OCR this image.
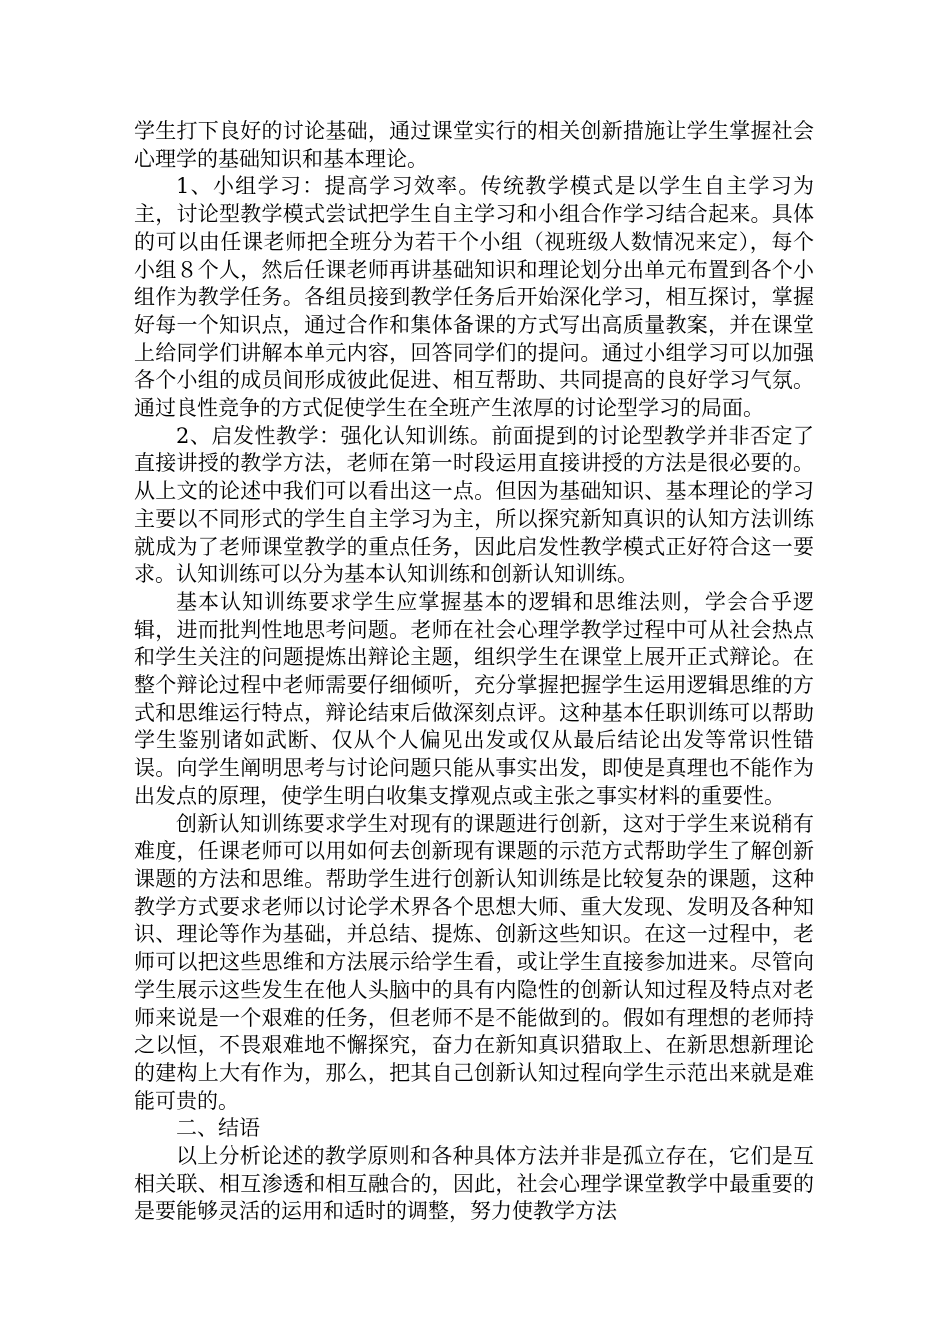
学生打下良好的讨论基础，通过课堂实行的相关创新措施让学生掌握社会心理学的基础知识和基本理论。

1、小组学习：提高学习效率。传统教学模式是以学生自主学习为主，讨论型教学模式尝试把学生自主学习和小组合作学习结合起来。具体的可以由任课老师把全班分为若干个小组（视班级人数情况来定），每个小组８个人，然后任课老师再讲基础知识和理论划分出单元布置到各个小组作为教学任务。各组员接到教学任务后开始深化学习，相互探讨，掌握好每一个知识点，通过合作和集体备课的方式写出高质量教案，并在课堂上给同学们讲解本单元内容，回答同学们的提问。通过小组学习可以加强各个小组的成员间形成彼此促进、相互帮助、共同提高的良好学习气氛。通过良性竞争的方式促使学生在全班产生浓厚的讨论型学习的局面。

2、启发性教学：强化认知训练。前面提到的讨论型教学并非否定了直接讲授的教学方法，老师在第一时段运用直接讲授的方法是很必要的。从上文的论述中我们可以看出这一点。但因为基础知识、基本理论的学习主要以不同形式的学生自主学习为主，所以探究新知真识的认知方法训练就成为了老师课堂教学的重点任务，因此启发性教学模式正好符合这一要求。认知训练可以分为基本认知训练和创新认知训练。

基本认知训练要求学生应掌握基本的逻辑和思维法则，学会合乎逻辑，进而批判性地思考问题。老师在社会心理学教学过程中可从社会热点和学生关注的问题提炼出辩论主题，组织学生在课堂上展开正式辩论。在整个辩论过程中老师需要仔细倾听，充分掌握把握学生运用逻辑思维的方式和思维运行特点，辩论结束后做深刻点评。这种基本任职训练可以帮助学生鉴别诸如武断、仅从个人偏见出发或仅从最后结论出发等常识性错误。向学生阐明思考与讨论问题只能从事实出发，即使是真理也不能作为出发点的原理，使学生明白收集支撑观点或主张之事实材料的重要性。

创新认知训练要求学生对现有的课题进行创新，这对于学生来说稍有难度，任课老师可以用如何去创新现有课题的示范方式帮助学生了解创新课题的方法和思维。帮助学生进行创新认知训练是比较复杂的课题，这种教学方式要求老师以讨论学术界各个思想大师、重大发现、发明及各种知识、理论等作为基础，并总结、提炼、创新这些知识。在这一过程中，老师可以把这些思维和方法展示给学生看，或让学生直接参加进来。尽管向学生展示这些发生在他人头脑中的具有内隐性的创新认知过程及特点对老师来说是一个艰难的任务，但老师不是不能做到的。假如有理想的老师持之以恒，不畏艰难地不懈探究，奋力在新知真识猎取上、在新思想新理论的建构上大有作为，那么，把其自己创新认知过程向学生示范出来就是难能可贵的。

二、结语

以上分析论述的教学原则和各种具体方法并非是孤立存在，它们是互相关联、相互渗透和相互融合的，因此，社会心理学课堂教学中最重要的是要能够灵活的运用和适时的调整，努力使教学方法
